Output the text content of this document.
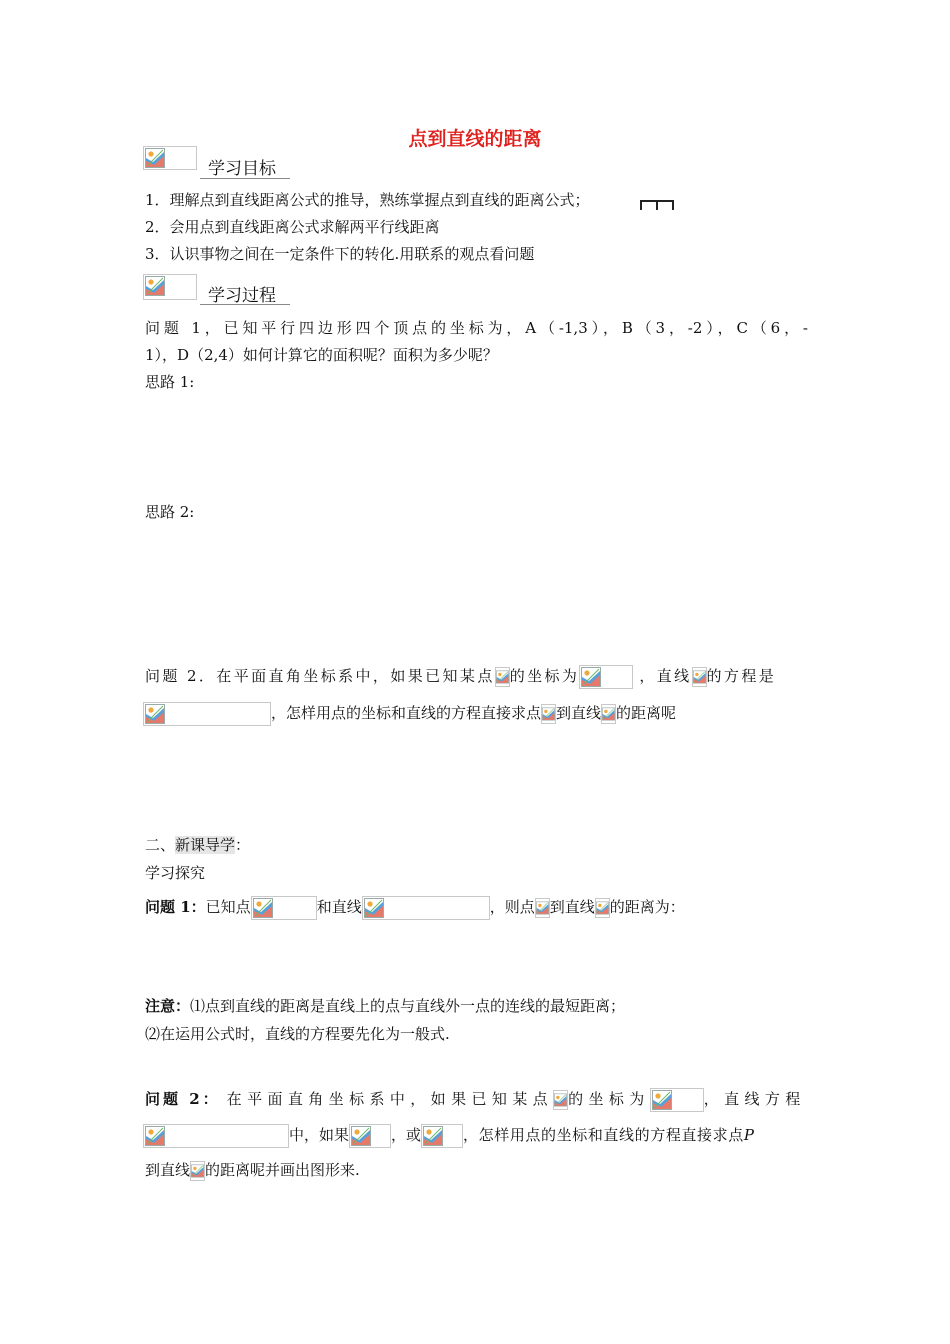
点到直线的距离
学习目标
1．理解点到直线距离公式的推导，熟练掌握点到直线的距离公式；
2．会用点到直线距离公式求解两平行线距离
3．认识事物之间在一定条件下的转化.用联系的观点看问题
学习过程
问题 1，已知平行四边形四个顶点的坐标为，A（-1,3），B（3，-2），C（6，-
1），D（2,4）如何计算它的面积呢？面积为多少呢？
思路 1:
思路 2:
问题 2．在平面直角坐标系中，如果已知某点 的坐标为	，直线 的方程是
，怎样用点的坐标和直线的方程直接求点 到直线 的距离呢
二、新课导学：
学习探究
问题 1：已知点	和直线	，则点 到直线 的距离为：
注意：⑴点到直线的距离是直线上的点与直线外一点的连线的最短距离；
⑵在运用公式时，直线的方程要先化为一般式.
问题 2： 在平面直角坐标系中，如果已知某点 的坐标为	，直线方程
中，如果	，或	，怎样用点的坐标和直线的方程直接求点P
到直线 的距离呢并画出图形来.
